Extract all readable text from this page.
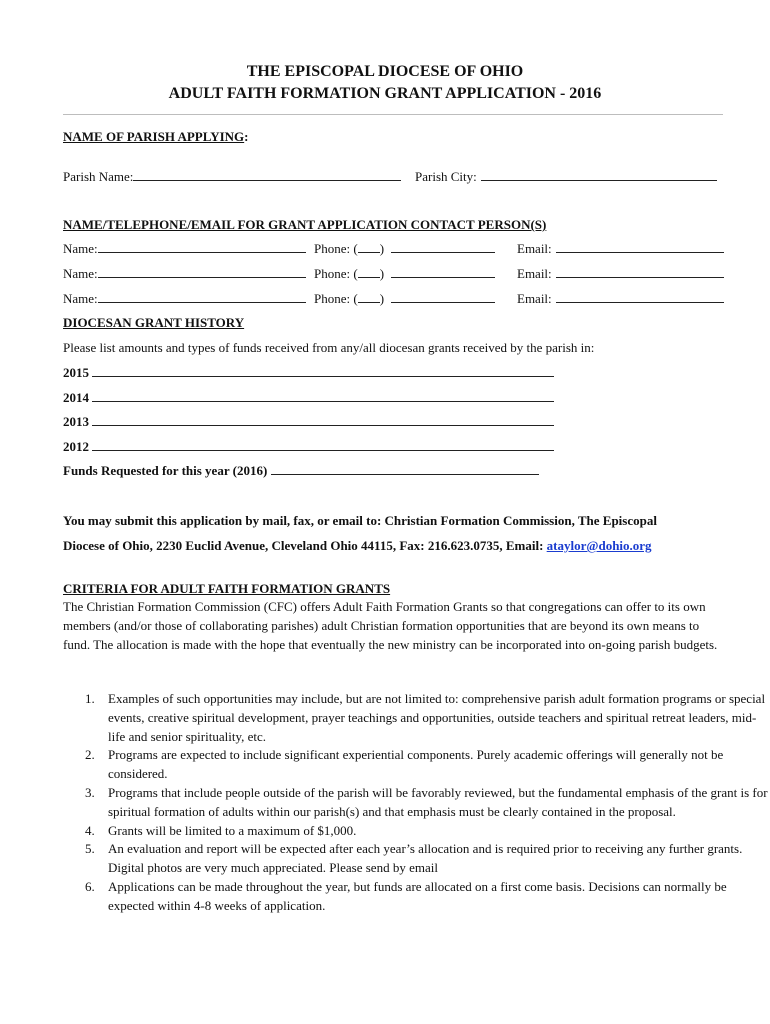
THE EPISCOPAL DIOCESE OF OHIO
ADULT FAITH FORMATION GRANT APPLICATION - 2016
NAME OF PARISH APPLYING:
Parish Name:	Parish City:
NAME/TELEPHONE/EMAIL FOR GRANT APPLICATION CONTACT PERSON(S)
Name:	Phone: ( )	Email:
Name:	Phone: ( )	Email:
Name:	Phone: ( )	Email:
DIOCESAN GRANT HISTORY
Please list amounts and types of funds received from any/all diocesan grants received by the parish in:
2015
2014
2013
2012
Funds Requested for this year (2016)
You may submit this application by mail, fax, or email to: Christian Formation Commission, The Episcopal
Diocese of Ohio, 2230 Euclid Avenue, Cleveland Ohio 44115, Fax: 216.623.0735, Email: ataylor@dohio.org
CRITERIA FOR ADULT FAITH FORMATION GRANTS
The Christian Formation Commission (CFC) offers Adult Faith Formation Grants so that congregations can offer to its own members (and/or those of collaborating parishes) adult Christian formation opportunities that are beyond its own means to fund. The allocation is made with the hope that eventually the new ministry can be incorporated into on-going parish budgets.
1. Examples of such opportunities may include, but are not limited to: comprehensive parish adult formation programs or special events, creative spiritual development, prayer teachings and opportunities, outside teachers and spiritual retreat leaders, mid-life and senior spirituality, etc.
2. Programs are expected to include significant experiential components. Purely academic offerings will generally not be considered.
3. Programs that include people outside of the parish will be favorably reviewed, but the fundamental emphasis of the grant is for spiritual formation of adults within our parish(s) and that emphasis must be clearly contained in the proposal.
4. Grants will be limited to a maximum of $1,000.
5. An evaluation and report will be expected after each year’s allocation and is required prior to receiving any further grants. Digital photos are very much appreciated. Please send by email
6. Applications can be made throughout the year, but funds are allocated on a first come basis. Decisions can normally be expected within 4-8 weeks of application.
